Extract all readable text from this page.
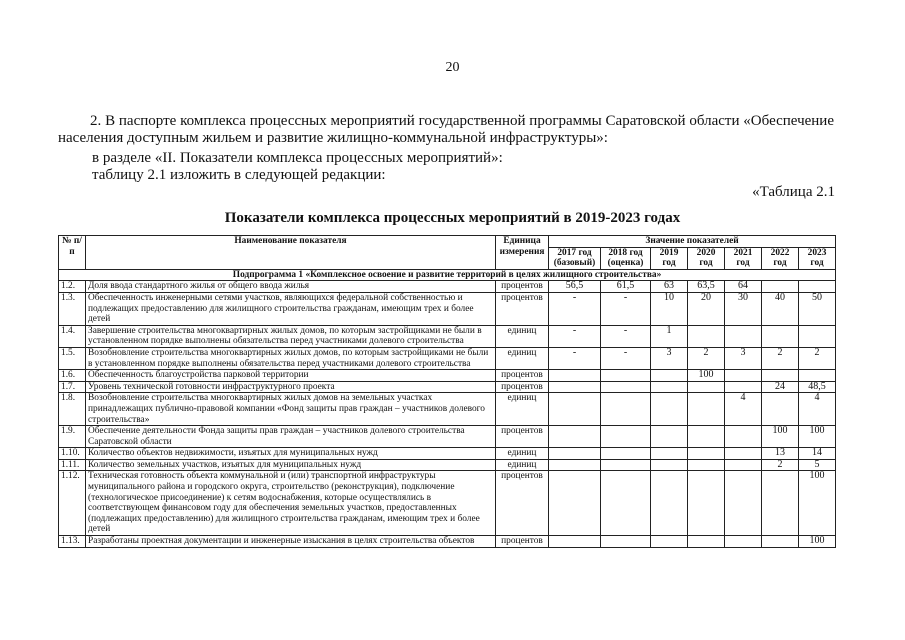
20
2. В паспорте комплекса процессных мероприятий государственной программы Саратовской области «Обеспечение населения доступным жильем и развитие жилищно-коммунальной инфраструктуры»:
в разделе «II. Показатели комплекса процессных мероприятий»:
таблицу 2.1 изложить в следующей редакции:
«Таблица 2.1
Показатели комплекса процессных мероприятий в 2019-2023 годах
№ п/п	Наименование показателя	Единица измерения	Значение показателей						
			2017 год (базовый)	2018 год (оценка)	2019 год	2020 год	2021 год	2022 год	2023 год
Подпрограмма 1 «Комплексное освоение и развитие территорий в целях жилищного строительства»									
1.2.	Доля ввода стандартного жилья от общего ввода жилья	процентов	56,5	61,5	63	63,5	64		
1.3.	Обеспеченность инженерными сетями участков, являющихся федеральной собственностью и подлежащих предоставлению для жилищного строительства гражданам, имеющим трех и более детей	процентов	-	-	10	20	30	40	50
1.4.	Завершение строительства многоквартирных жилых домов, по которым застройщиками не были в установленном порядке выполнены обязательства перед участниками долевого строительства	единиц	-	-	1				
1.5.	Возобновление строительства многоквартирных жилых домов, по которым застройщиками не были в установленном порядке выполнены обязательства перед участниками долевого строительства	единиц	-	-	3	2	3	2	2
1.6.	Обеспеченность благоустройства парковой территории	процентов				100			
1.7.	Уровень технической готовности инфраструктурного проекта	процентов						24	48,5
1.8.	Возобновление строительства многоквартирных жилых домов на земельных участках принадлежащих публично-правовой компании «Фонд защиты прав граждан – участников долевого строительства»	единиц					4		4
1.9.	Обеспечение деятельности Фонда защиты прав граждан – участников долевого строительства Саратовской области	процентов						100	100
1.10.	Количество объектов недвижимости, изъятых для муниципальных нужд	единиц						13	14
1.11.	Количество земельных участков, изъятых для муниципальных нужд	единиц						2	5
1.12.	Техническая готовность объекта коммунальной и (или) транспортной инфраструктуры муниципального района и городского округа, строительство (реконструкция), подключение (технологическое присоединение) к сетям водоснабжения, которые осуществлялись в соответствующем финансовом году для обеспечения земельных участков, предоставленных (подлежащих предоставлению) для жилищного строительства гражданам, имеющим трех и более детей	процентов							100
1.13.	Разработаны проектная документации и инженерные изыскания в целях строительства объектов	процентов							100
